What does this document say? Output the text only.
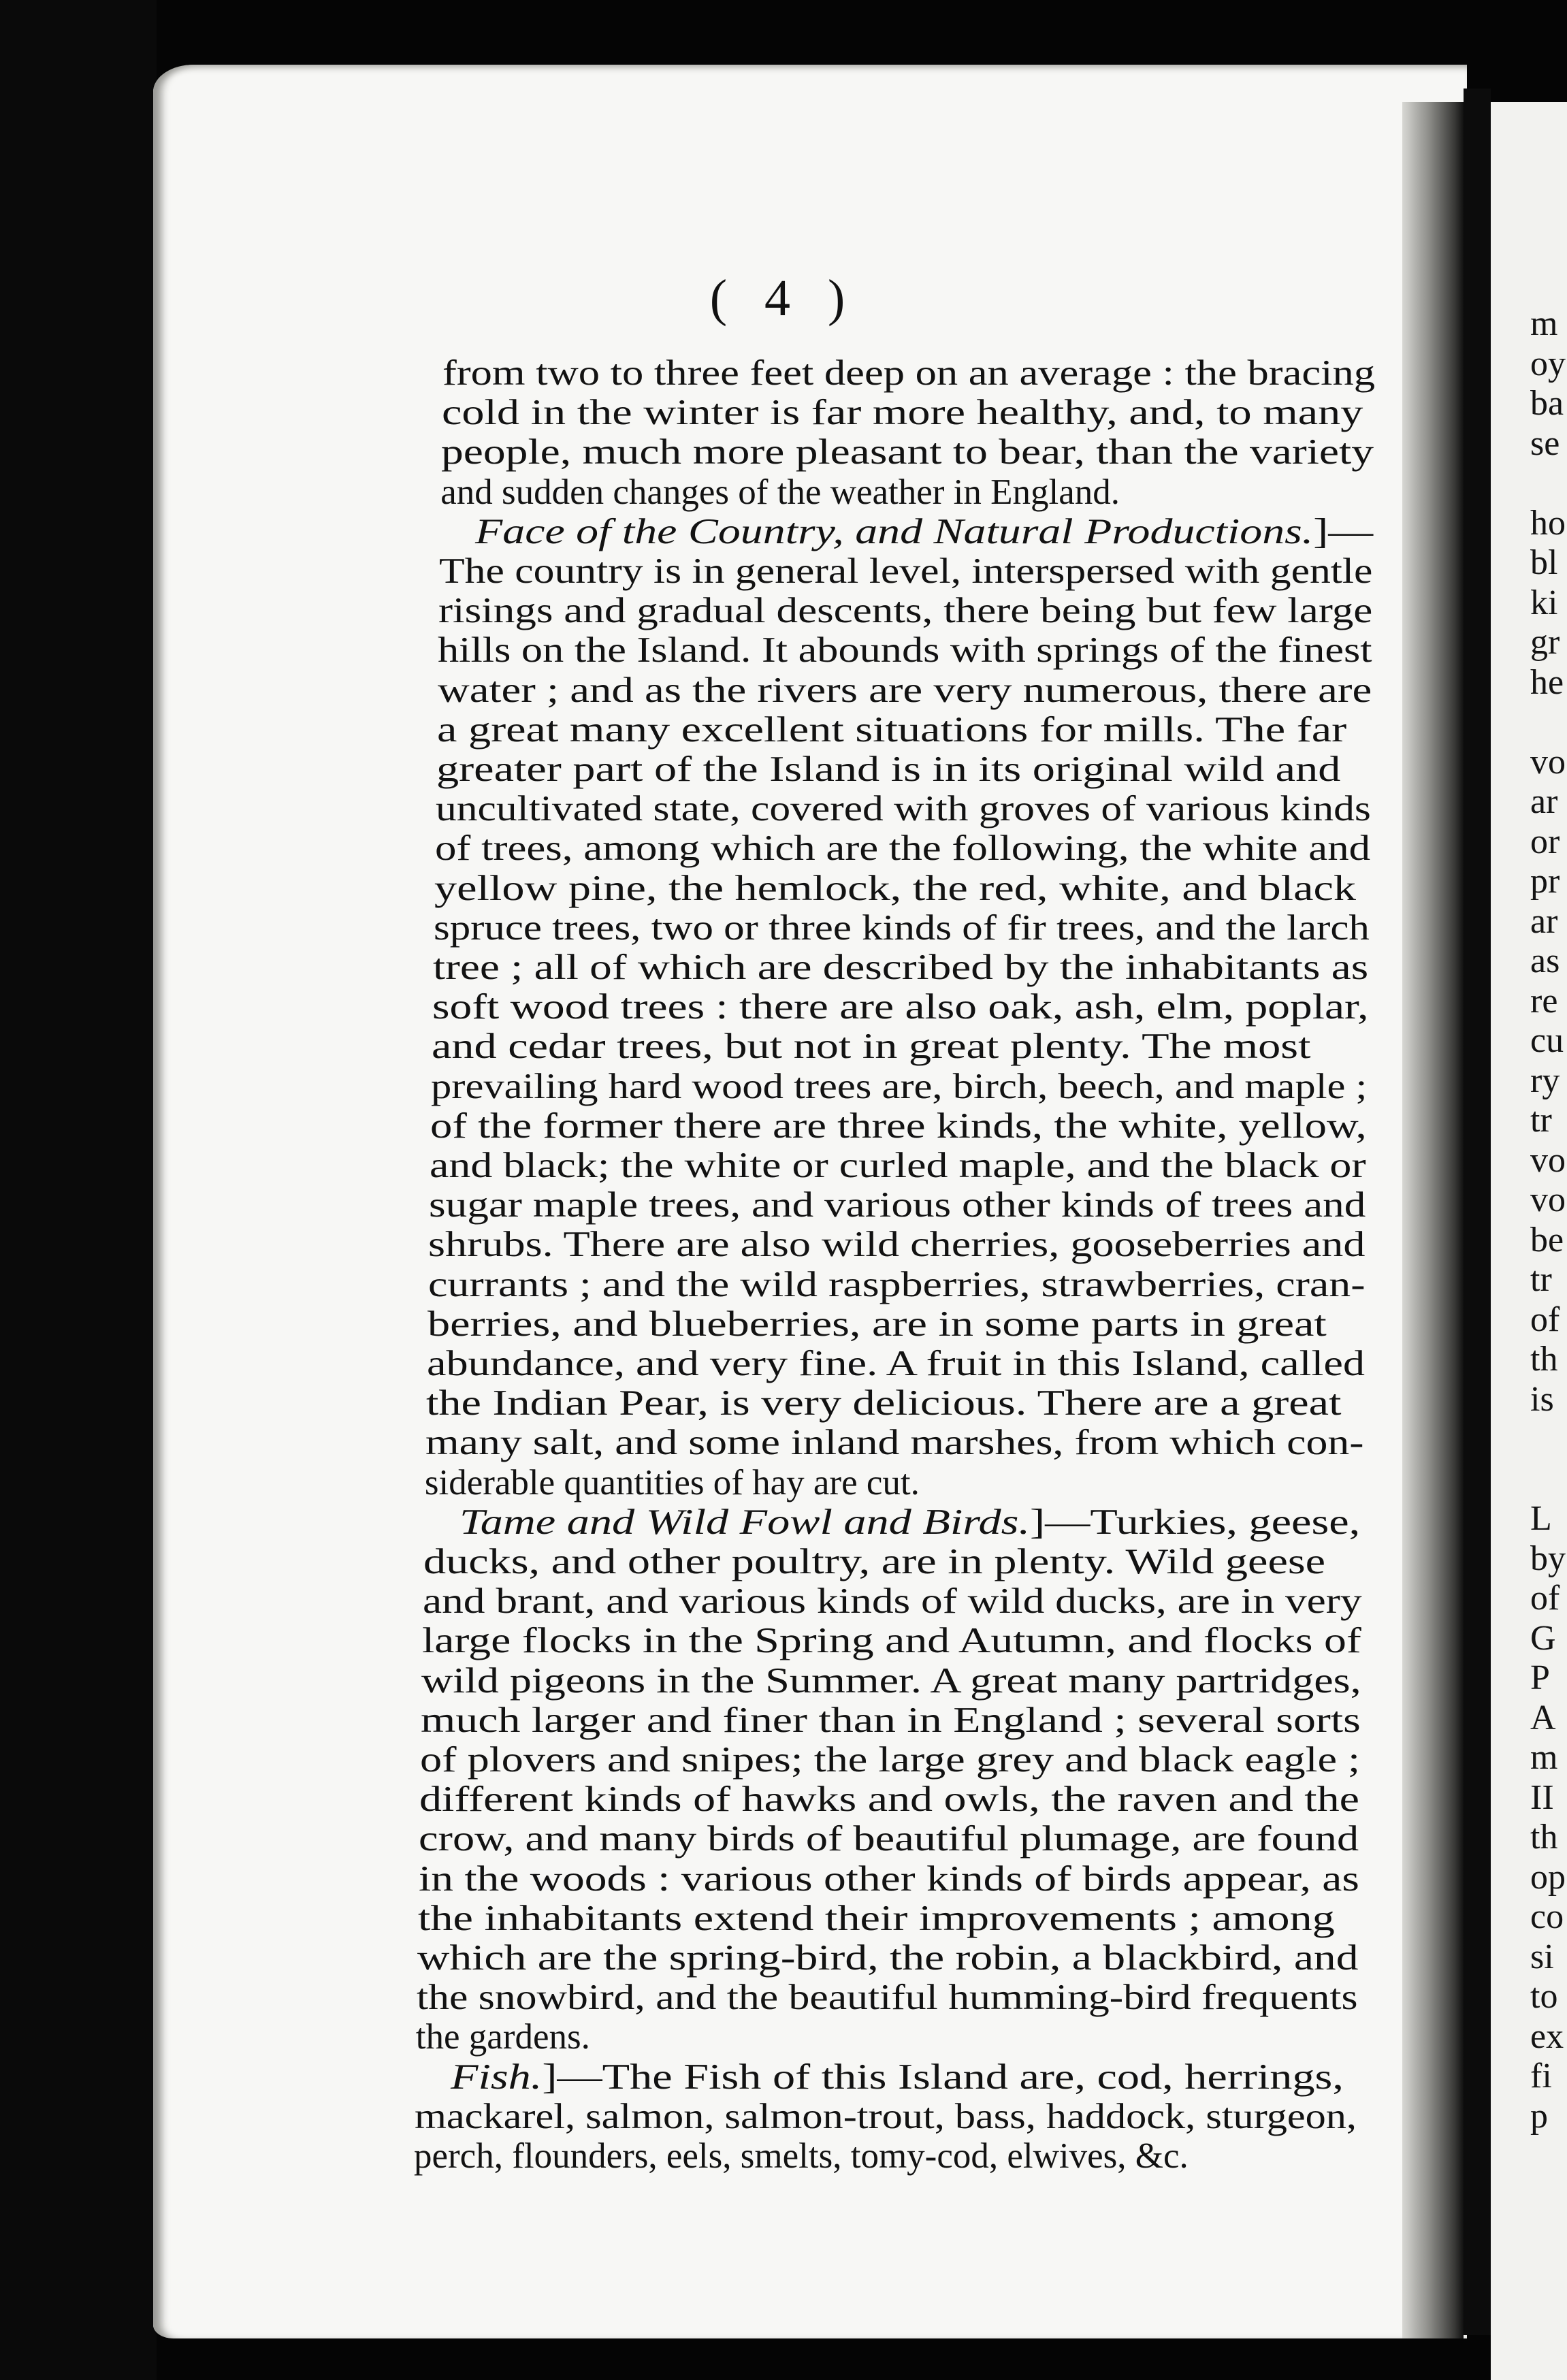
( 4 )
from two to three feet deep on an average : the bracing
cold in the winter is far more healthy, and, to many
people, much more pleasant to bear, than the variety
and sudden changes of the weather in England.
Face of the Country, and Natural Productions.]—
The country is in general level, interspersed with gentle
risings and gradual descents, there being but few large
hills on the Island. It abounds with springs of the finest
water ; and as the rivers are very numerous, there are
a great many excellent situations for mills. The far
greater part of the Island is in its original wild and
uncultivated state, covered with groves of various kinds
of trees, among which are the following, the white and
yellow pine, the hemlock, the red, white, and black
spruce trees, two or three kinds of fir trees, and the larch
tree ; all of which are described by the inhabitants as
soft wood trees : there are also oak, ash, elm, poplar,
and cedar trees, but not in great plenty. The most
prevailing hard wood trees are, birch, beech, and maple ;
of the former there are three kinds, the white, yellow,
and black; the white or curled maple, and the black or
sugar maple trees, and various other kinds of trees and
shrubs. There are also wild cherries, gooseberries and
currants ; and the wild raspberries, strawberries, cran-
berries, and blueberries, are in some parts in great
abundance, and very fine. A fruit in this Island, called
the Indian Pear, is very delicious. There are a great
many salt, and some inland marshes, from which con-
siderable quantities of hay are cut.
Tame and Wild Fowl and Birds.]—Turkies, geese,
ducks, and other poultry, are in plenty. Wild geese
and brant, and various kinds of wild ducks, are in very
large flocks in the Spring and Autumn, and flocks of
wild pigeons in the Summer. A great many partridges,
much larger and finer than in England ; several sorts
of plovers and snipes; the large grey and black eagle ;
different kinds of hawks and owls, the raven and the
crow, and many birds of beautiful plumage, are found
in the woods : various other kinds of birds appear, as
the inhabitants extend their improvements ; among
which are the spring-bird, the robin, a blackbird, and
the snowbird, and the beautiful humming-bird frequents
the gardens.
Fish.]—The Fish of this Island are, cod, herrings,
mackarel, salmon, salmon-trout, bass, haddock, sturgeon,
perch, flounders, eels, smelts, tomy-cod, elwives, &c.
m
oy
ba
se
ho
bl
ki
gr
he
vo
ar
or
pr
ar
as
re
cu
ry
tr
vo
vo
be
tr
of
th
is
L
by
of
G
P
A
m
II
th
op
co
si
to
ex
fi
p
